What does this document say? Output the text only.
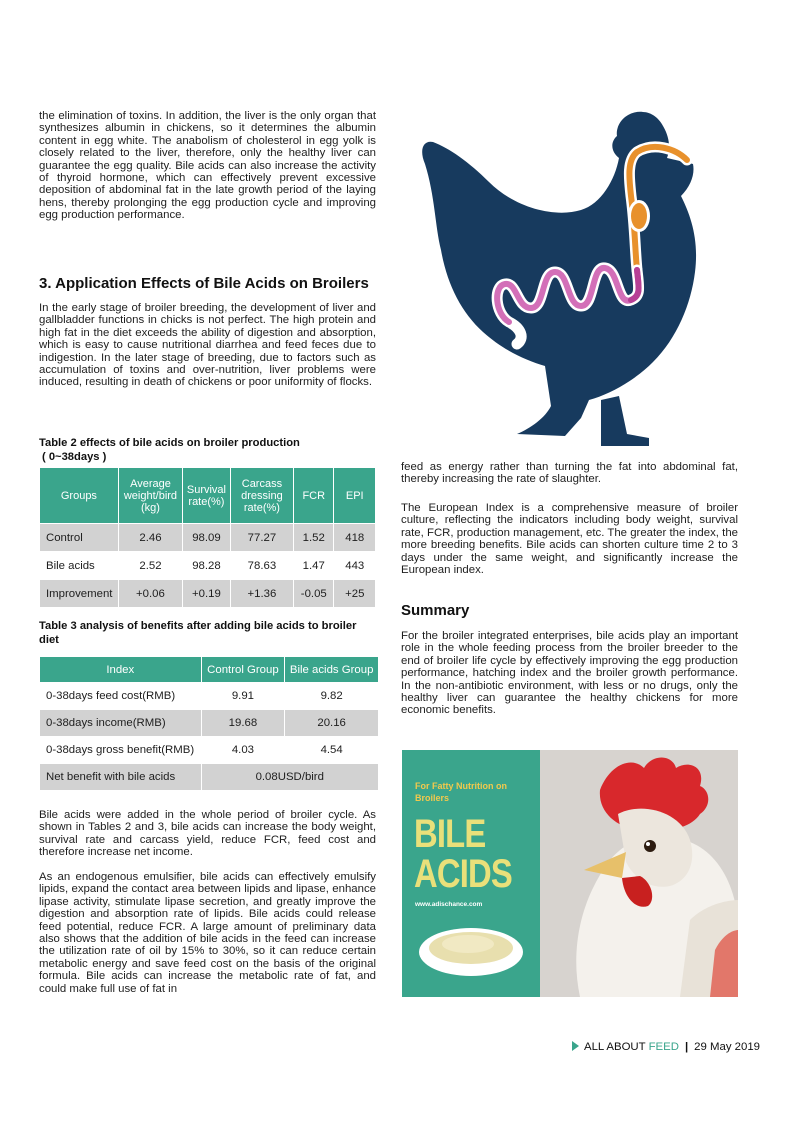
the elimination of toxins. In addition, the liver is the only organ that synthesizes albumin in chickens, so it determines the albumin content in egg white. The anabolism of cholesterol in egg yolk is closely related to the liver, therefore, only the healthy liver can guarantee the egg quality. Bile acids can also increase the activity of thyroid hormone, which can effectively prevent excessive deposition of abdominal fat in the late growth period of the laying hens, thereby prolonging the egg production cycle and improving egg production performance.

3. Application Effects of Bile Acids on Broilers

In the early stage of broiler breeding, the development of liver and gallbladder functions in chicks is not perfect. The high protein and high fat in the diet exceeds the ability of digestion and absorption, which is easy to cause nutritional diarrhea and feed feces due to indigestion. In the later stage of breeding, due to factors such as accumulation of toxins and over-nutrition, liver problems were induced, resulting in death of chickens or poor uniformity of flocks.

Table 2 effects of bile acids on broiler production
( 0~38days )
Groups	Average weight/bird (kg)	Survival rate(%)	Carcass dressing rate(%)	FCR	EPI
Control	2.46	98.09	77.27	1.52	418
Bile acids	2.52	98.28	78.63	1.47	443
Improvement	+0.06	+0.19	+1.36	-0.05	+25
Table 3 analysis of benefits after adding bile acids to broiler
diet
Index	Control Group	Bile acids Group
0-38days feed cost(RMB)	9.91	9.82
0-38days income(RMB)	19.68	20.16
0-38days gross benefit(RMB)	4.03	4.54
Net benefit with bile acids	0.08USD/bird	

Bile acids were added in the whole period of broiler cycle. As shown in Tables 2 and 3, bile acids can increase the body weight, survival rate and carcass yield, reduce FCR, feed cost and therefore increase net income.

As an endogenous emulsifier, bile acids can effectively emulsify lipids, expand the contact area between lipids and lipase, enhance lipase activity, stimulate lipase secretion, and greatly improve the digestion and absorption rate of lipids. Bile acids could release feed potential, reduce FCR. A large amount of preliminary data also shows that the addition of bile acids in the feed can increase the utilization rate of oil by 15% to 30%, so it can reduce certain metabolic energy and save feed cost on the basis of the original formula. Bile acids can increase the metabolic rate of fat, and could make full use of fat in

feed as energy rather than turning the fat into abdominal fat, thereby increasing the rate of slaughter.

The European Index is a comprehensive measure of broiler culture, reflecting the indicators including body weight, survival rate, FCR, production management, etc. The greater the index, the more breeding benefits. Bile acids can shorten culture time 2 to 3 days under the same weight, and significantly increase the European index.

Summary

For the broiler integrated enterprises, bile acids play an important role in the whole feeding process from the broiler breeder to the end of broiler life cycle by effectively improving the egg production performance, hatching index and the broiler growth performance. In the non-antibiotic environment, with less or no drugs, only the healthy liver can guarantee the healthy chickens for more economic benefits.

For Fatty Nutrition on Broilers
BILE
ACIDS
www.adischance.com
ALL ABOUT FEED | 29 May 2019
